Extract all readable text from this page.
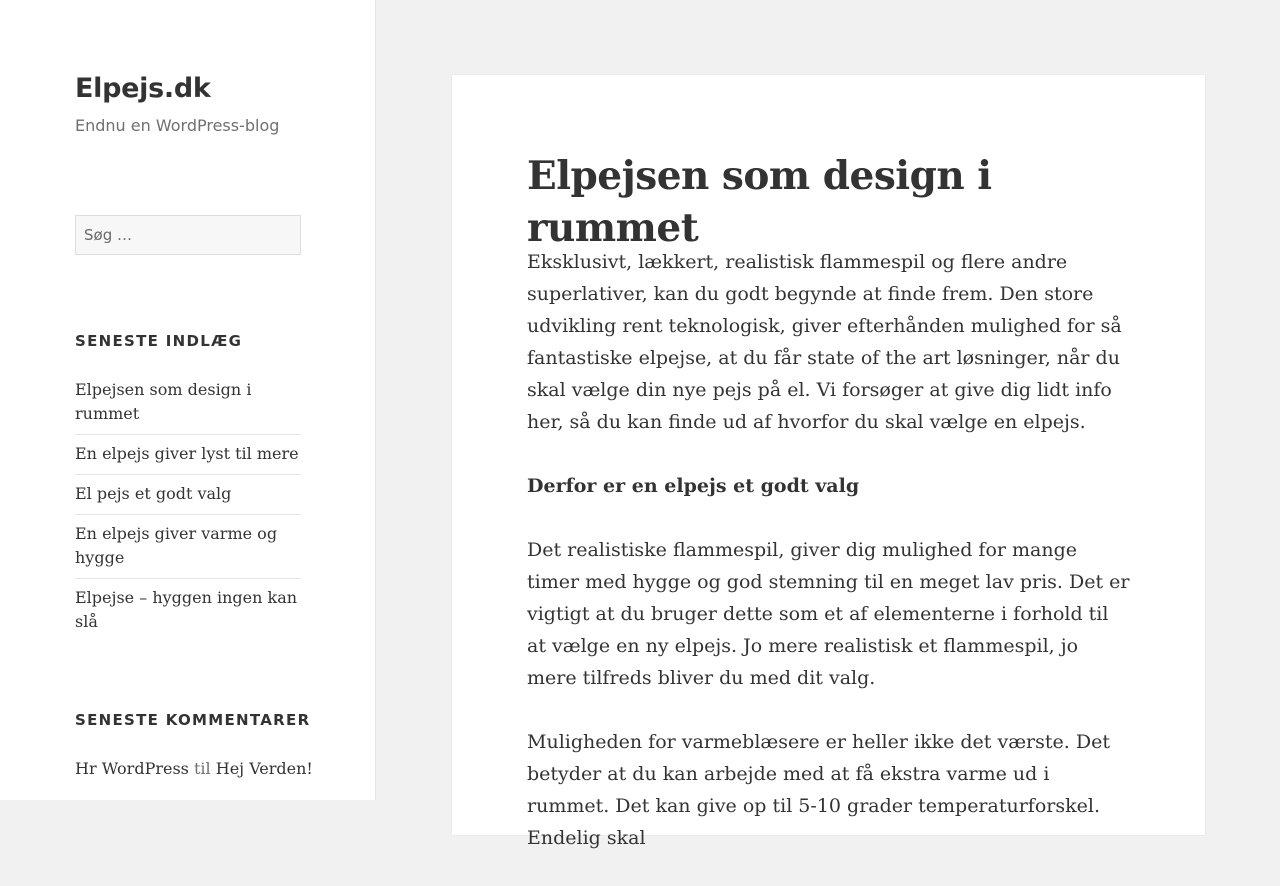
Elpejs.dk
Endnu en WordPress-blog
Søg …
SENESTE INDLÆG
Elpejsen som design i rummet
En elpejs giver lyst til mere
El pejs et godt valg
En elpejs giver varme og hygge
Elpejse – hyggen ingen kan slå
SENESTE KOMMENTARER
Hr WordPress til Hej Verden!
Elpejsen som design i rummet

Eksklusivt, lækkert, realistisk flammespil og flere andre superlativer, kan du godt begynde at finde frem. Den store udvikling rent teknologisk, giver efterhånden mulighed for så fantastiske elpejse, at du får state of the art løsninger, når du skal vælge din nye pejs på el. Vi forsøger at give dig lidt info her, så du kan finde ud af hvorfor du skal vælge en elpejs.

Derfor er en elpejs et godt valg

Det realistiske flammespil, giver dig mulighed for mange timer med hygge og god stemning til en meget lav pris. Det er vigtigt at du bruger dette som et af elementerne i forhold til at vælge en ny elpejs. Jo mere realistisk et flammespil, jo mere tilfreds bliver du med dit valg.

Muligheden for varmeblæsere er heller ikke det værste. Det betyder at du kan arbejde med at få ekstra varme ud i rummet. Det kan give op til 5-10 grader temperaturforskel. Endelig skal
